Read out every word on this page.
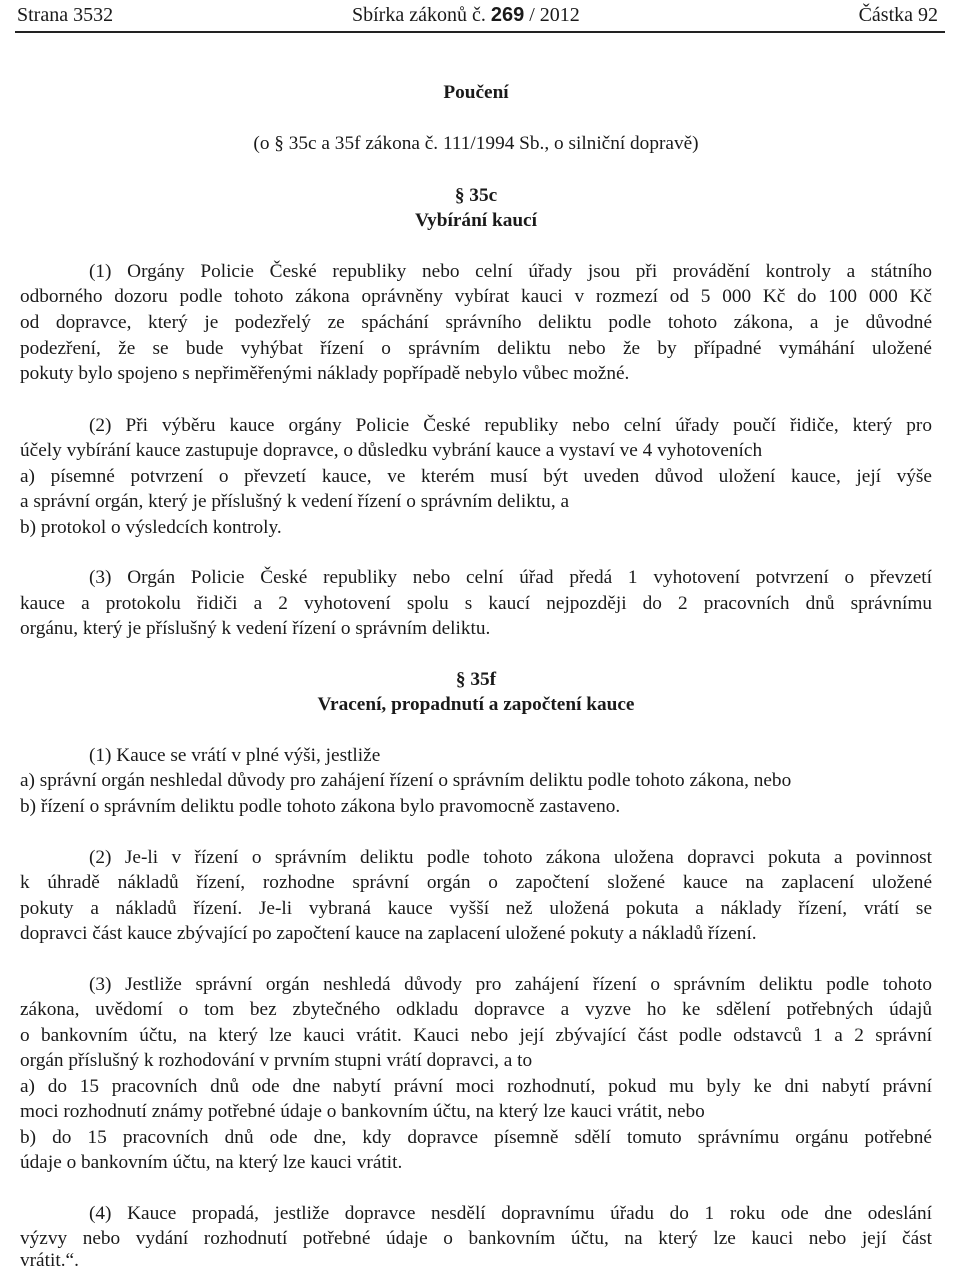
Strana 3532	Sbírka zákonů č. 269 / 2012	Částka 92
Poučení
(o § 35c a 35f zákona č. 111/1994 Sb., o silniční dopravě)
§ 35c
Vybírání kaucí
(1) Orgány Policie České republiky nebo celní úřady jsou při provádění kontroly a státního
odborného dozoru podle tohoto zákona oprávněny vybírat kauci v rozmezí od 5 000 Kč do 100 000 Kč
od dopravce, který je podezřelý ze spáchání správního deliktu podle tohoto zákona, a je důvodné
podezření, že se bude vyhýbat řízení o správním deliktu nebo že by případné vymáhání uložené
pokuty bylo spojeno s nepřiměřenými náklady popřípadě nebylo vůbec možné.
(2) Při výběru kauce orgány Policie České republiky nebo celní úřady poučí řidiče, který pro
účely vybírání kauce zastupuje dopravce, o důsledku vybrání kauce a vystaví ve 4 vyhotoveních
a) písemné potvrzení o převzetí kauce, ve kterém musí být uveden důvod uložení kauce, její výše
a správní orgán, který je příslušný k vedení řízení o správním deliktu, a
b) protokol o výsledcích kontroly.
(3) Orgán Policie České republiky nebo celní úřad předá 1 vyhotovení potvrzení o převzetí
kauce a protokolu řidiči a 2 vyhotovení spolu s kaucí nejpozději do 2 pracovních dnů správnímu
orgánu, který je příslušný k vedení řízení o správním deliktu.
§ 35f
Vracení, propadnutí a započtení kauce
(1) Kauce se vrátí v plné výši, jestliže
a) správní orgán neshledal důvody pro zahájení řízení o správním deliktu podle tohoto zákona, nebo
b) řízení o správním deliktu podle tohoto zákona bylo pravomocně zastaveno.
(2) Je-li v řízení o správním deliktu podle tohoto zákona uložena dopravci pokuta a povinnost
k úhradě nákladů řízení, rozhodne správní orgán o započtení složené kauce na zaplacení uložené
pokuty a nákladů řízení. Je-li vybraná kauce vyšší než uložená pokuta a náklady řízení, vrátí se
dopravci část kauce zbývající po započtení kauce na zaplacení uložené pokuty a nákladů řízení.
(3) Jestliže správní orgán neshledá důvody pro zahájení řízení o správním deliktu podle tohoto
zákona, uvědomí o tom bez zbytečného odkladu dopravce a vyzve ho ke sdělení potřebných údajů
o bankovním účtu, na který lze kauci vrátit. Kauci nebo její zbývající část podle odstavců 1 a 2 správní
orgán příslušný k rozhodování v prvním stupni vrátí dopravci, a to
a) do 15 pracovních dnů ode dne nabytí právní moci rozhodnutí, pokud mu byly ke dni nabytí právní
moci rozhodnutí známy potřebné údaje o bankovním účtu, na který lze kauci vrátit, nebo
b) do 15 pracovních dnů ode dne, kdy dopravce písemně sdělí tomuto správnímu orgánu potřebné
údaje o bankovním účtu, na který lze kauci vrátit.
(4) Kauce propadá, jestliže dopravce nesdělí dopravnímu úřadu do 1 roku ode dne odeslání
výzvy nebo vydání rozhodnutí potřebné údaje o bankovním účtu, na který lze kauci nebo její část
vrátit.“.
